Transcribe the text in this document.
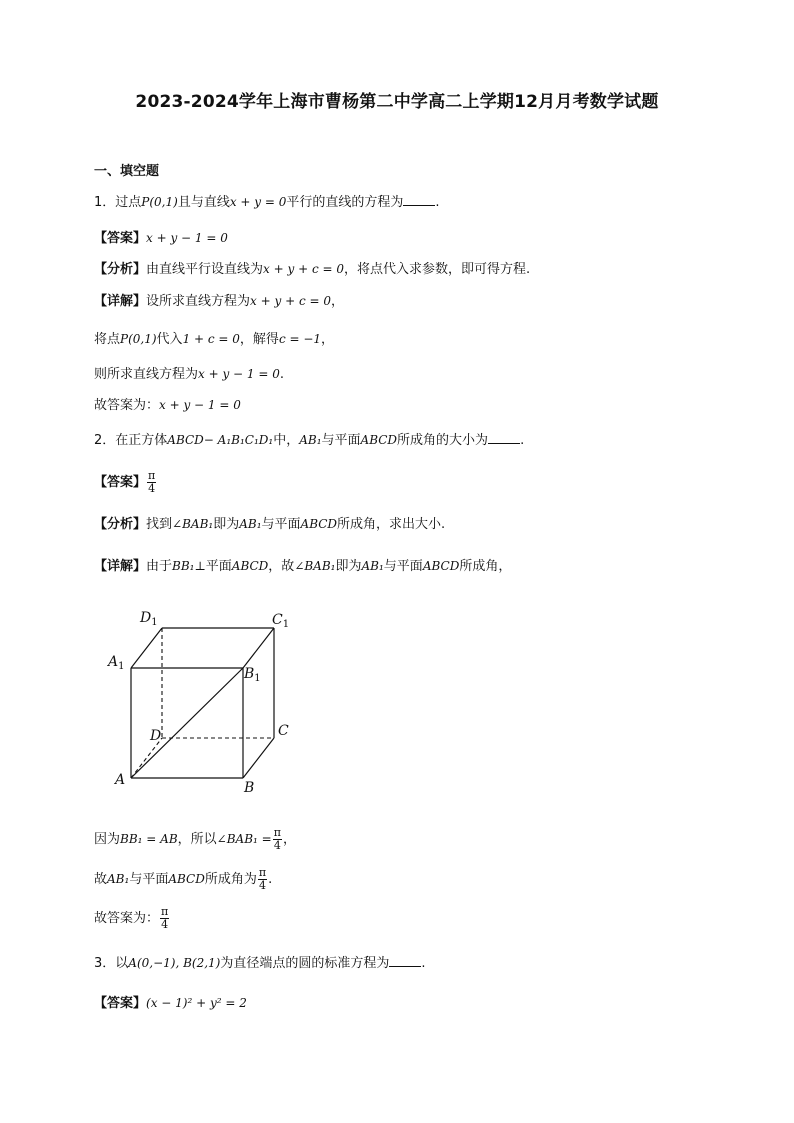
2023-2024学年上海市曹杨第二中学高二上学期12月月考数学试题
一、填空题
1．过点P(0,1)且与直线x + y = 0平行的直线的方程为 .
【答案】x + y − 1 = 0
【分析】由直线平行设直线为x + y + c = 0，将点代入求参数，即可得方程.
【详解】设所求直线方程为x + y + c = 0，
将点P(0,1)代入1 + c = 0，解得c = −1，
则所求直线方程为x + y − 1 = 0.
故答案为：x + y − 1 = 0
2．在正方体ABCD− A₁B₁C₁D₁中，AB₁与平面ABCD所成角的大小为 .
【答案】 $\frac{\pi}{4}$
【分析】找到∠BAB₁即为AB₁与平面ABCD所成角，求出大小.
【详解】由于BB₁⊥平面ABCD，故∠BAB₁即为AB₁与平面ABCD所成角，
$D_1$	$C_1$
$A_1$	$B_1$
D	C
A	B
因为BB₁ = AB，所以∠BAB₁ = $\frac{\pi}{4}$ ，
故AB₁与平面ABCD所成角为 $\frac{\pi}{4}$ .
故答案为： $\frac{\pi}{4}$
3．以A(0,−1), B(2,1)为直径端点的圆的标准方程为 .
【答案】(x − 1)² + y² = 2
